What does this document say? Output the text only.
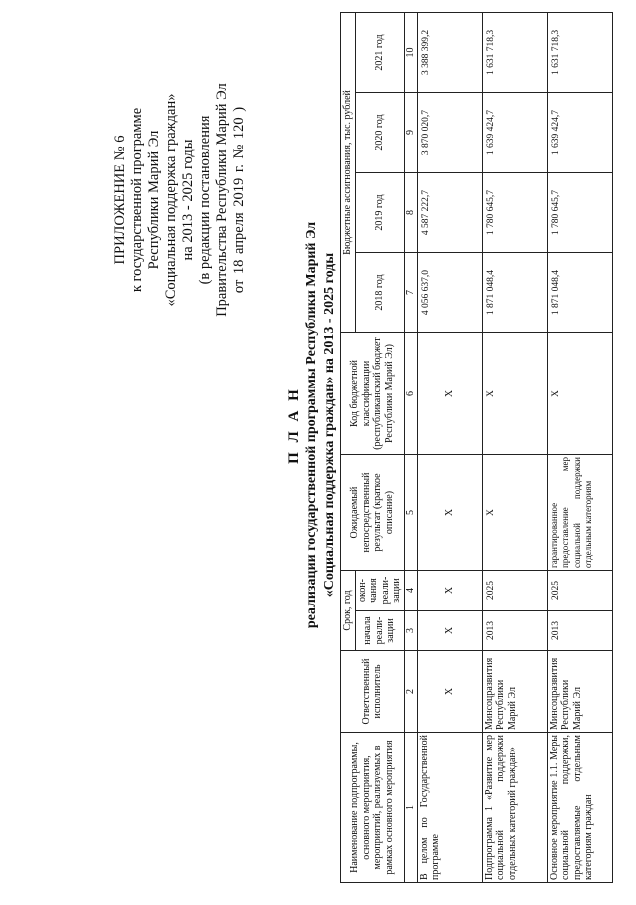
ПРИЛОЖЕНИЕ № 6 к государственной программе Республики Марий Эл «Социальная поддержка граждан» на 2013 - 2025 годы (в редакции постановления Правительства Республики Марий Эл от 18 апреля 2019 г. № 120 )
П Л А Н реализации государственной программы Республики Марий Эл «Социальная поддержка граждан» на 2013 - 2025 годы
Наименование подпрограммы, основного мероприятия, мероприятий, реализуемых в рамках основного мероприятия	Ответственный исполнитель	Срок, год		Ожидаемый непосредственный результат (краткое описание)	Код бюджетной классификации (республиканский бюджет Республики Марий Эл)	Бюджетные ассигнования, тыс. рублей			
		начала реали-зации	окон-чания реали-зации			2018 год	2019 год	2020 год	2021 год
1	2	3	4	5	6	7	8	9	10
В целом по Государственной программе	X	X	X	X	X	4 056 637,0	4 587 222,7	3 870 020,7	3 388 399,2
Подпрограмма 1 «Развитие мер социальной поддержки отдельных категорий граждан»	Минсоцразвития Республики Марий Эл	2013	2025	X	X	1 871 048,4	1 780 645,7	1 639 424,7	1 631 718,3
Основное мероприятие 1.1. Меры социальной поддержки, предоставляемые отдельным категориям граждан	Минсоцразвития Республики Марий Эл	2013	2025	гарантированное предоставление мер социальной поддержки отдельным категориям	X	1 871 048,4	1 780 645,7	1 639 424,7	1 631 718,3
